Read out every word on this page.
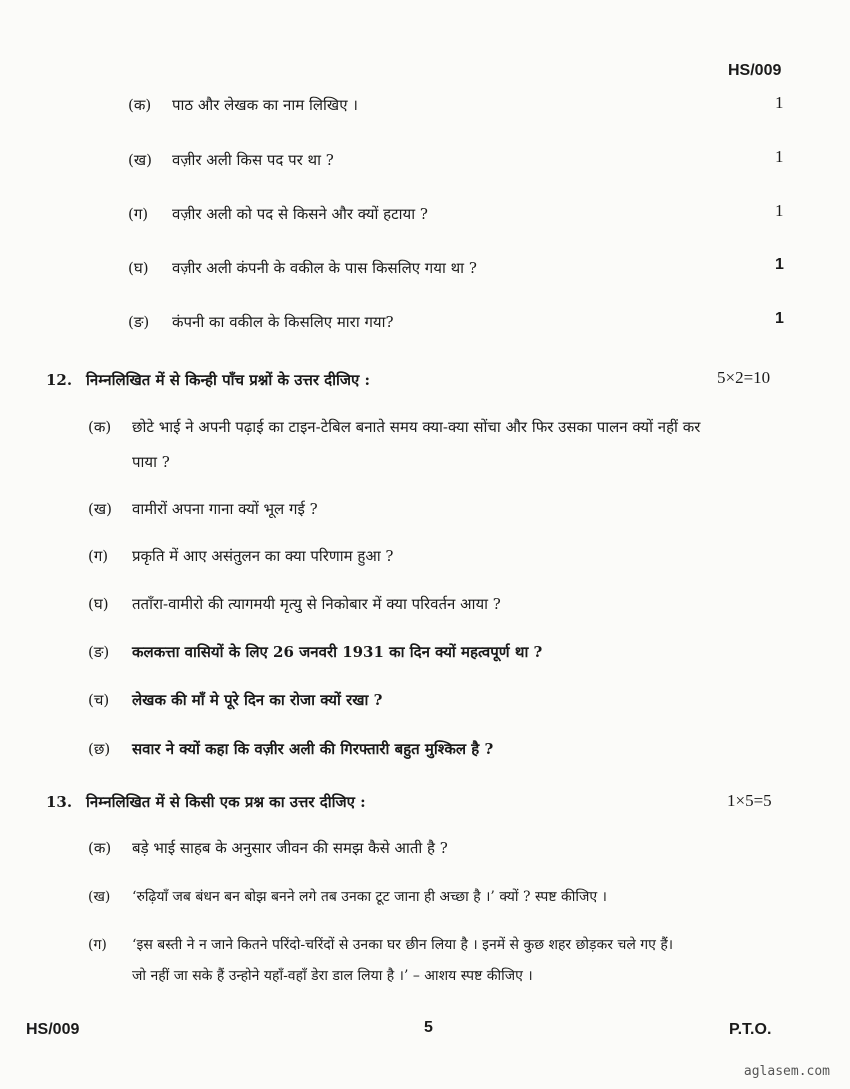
HS/009
(क) पाठ और लेखक का नाम लिखिए ।	1
(ख) वज़ीर अली किस पद पर था ?	1
(ग) वज़ीर अली को पद से किसने और क्यों हटाया ?	1
(घ) वज़ीर अली कंपनी के वकील के पास किसलिए गया था ?	1
(ङ) कंपनी का वकील के किसलिए मारा गया?	1
12. निम्नलिखित में से किन्ही पाँच प्रश्नों के उत्तर दीजिए :	5×2=10
(क) छोटे भाई ने अपनी पढ़ाई का टाइन-टेबिल बनाते समय क्या-क्या सोंचा और फिर उसका पालन क्यों नहीं कर
पाया ?
(ख) वामीरों अपना गाना क्यों भूल गई ?
(ग) प्रकृति में आए असंतुलन का क्या परिणाम हुआ ?
(घ) तताँरा-वामीरो की त्यागमयी मृत्यु से निकोबार में क्या परिवर्तन आया ?
(ङ) कलकत्ता वासियों के लिए 26 जनवरी 1931 का दिन क्यों महत्वपूर्ण था ?
(च) लेखक की माँ मे पूरे दिन का रोजा क्यों रखा ?
(छ) सवार ने क्यों कहा कि वज़ीर अली की गिरफ्तारी बहुत मुश्किल है ?
13. निम्नलिखित में से किसी एक प्रश्न का उत्तर दीजिए :	1×5=5
(क) बड़े भाई साहब के अनुसार जीवन की समझ कैसे आती है ?
(ख) ‘रुढ़ियाँ जब बंधन बन बोझ बनने लगे तब उनका टूट जाना ही अच्छा है ।’ क्यों ? स्पष्ट कीजिए ।
(ग) ‘इस बस्ती ने न जाने कितने परिंदो-चरिंदों से उनका घर छीन लिया है । इनमें से कुछ शहर छोड़कर चले गए हैं।
जो नहीं जा सके हैं उन्होने यहाँ-वहाँ डेरा डाल लिया है ।’ – आशय स्पष्ट कीजिए ।
HS/009	5	P.T.O.
aglasem.com
